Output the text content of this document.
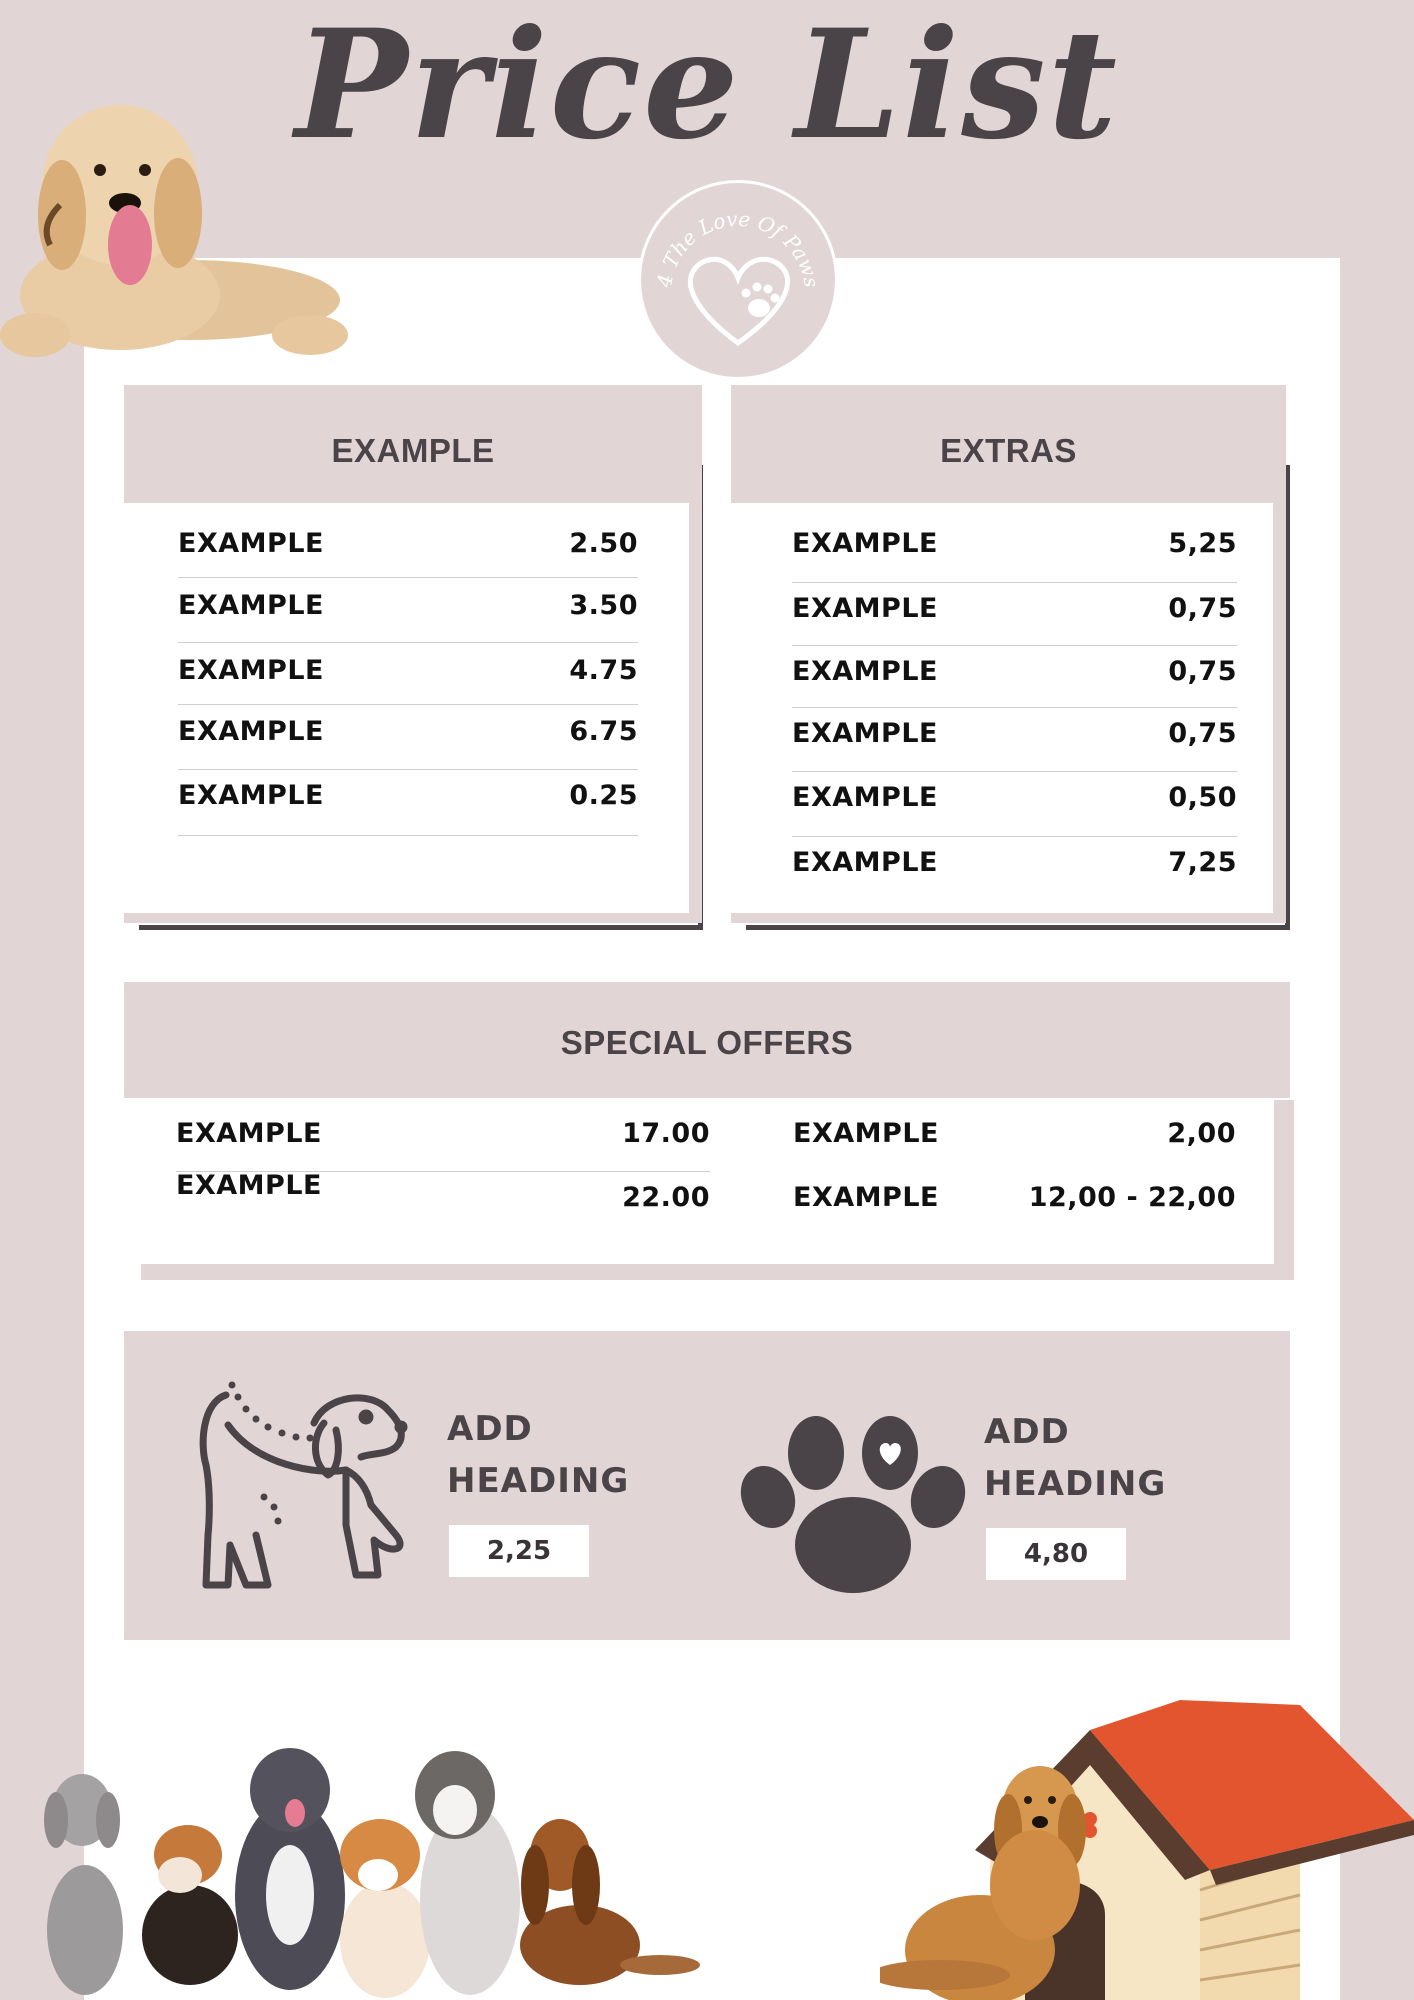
Price List
4 The Love Of Paws
EXAMPLE
EXAMPLE	2.50
EXAMPLE	3.50
EXAMPLE	4.75
EXAMPLE	6.75
EXAMPLE	0.25
EXTRAS
EXAMPLE	5,25
EXAMPLE	0,75
EXAMPLE	0,75
EXAMPLE	0,75
EXAMPLE	0,50
EXAMPLE	7,25
SPECIAL OFFERS
EXAMPLE	17.00
EXAMPLE	22.00
EXAMPLE	2,00
EXAMPLE	12,00 - 22,00
ADD
HEADING
2,25
ADD
HEADING
4,80
